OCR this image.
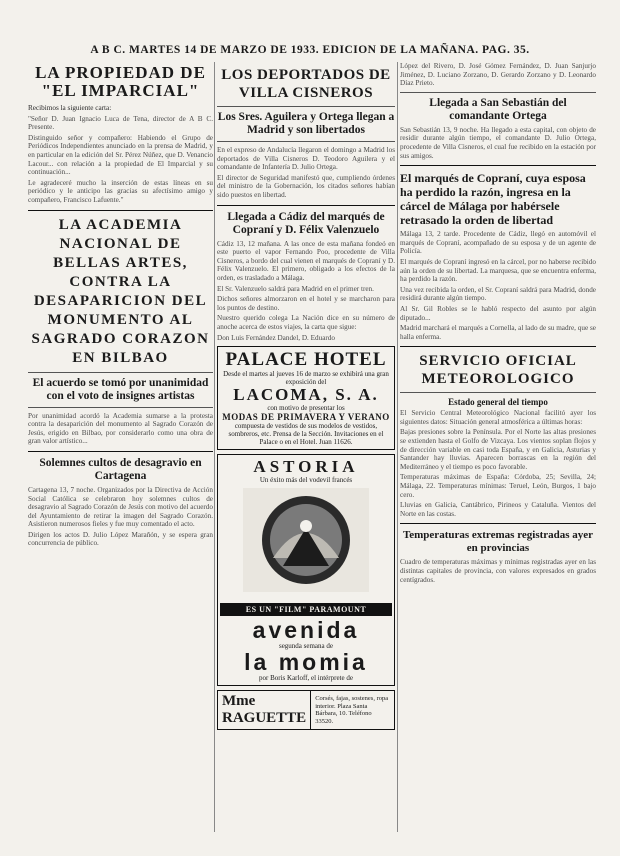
A B C. MARTES 14 DE MARZO DE 1933. EDICION DE LA MAÑANA. PAG. 35.
LA PROPIEDAD DE "EL IMPARCIAL"

Recibimos la siguiente carta:

"Señor D. Juan Ignacio Luca de Tena, director de A B C. Presente.

Distinguido señor y compañero: Habiendo el Grupo de Periódicos Independientes anunciado en la prensa de Madrid, y en particular en la edición del Sr. Pérez Núñez, que D. Venancio Lacour... con relación a la propiedad de El Imparcial y su continuación...

Le agradeceré mucho la inserción de estas líneas en su periódico y le anticipo las gracias su afectísimo amigo y compañero, Francisco Lafuente."

LA ACADEMIA NACIONAL DE BELLAS ARTES, CONTRA LA DESAPARICION DEL MONUMENTO AL SAGRADO CORAZON EN BILBAO
El acuerdo se tomó por unanimidad con el voto de insignes artistas

Por unanimidad acordó la Academia sumarse a la protesta contra la desaparición del monumento al Sagrado Corazón de Jesús, erigido en Bilbao, por considerarlo como una obra de gran valor artístico...

Solemnes cultos de desagravio en Cartagena

Cartagena 13, 7 noche. Organizados por la Directiva de Acción Social Católica se celebraron hoy solemnes cultos de desagravio al Sagrado Corazón de Jesús con motivo del acuerdo del Ayuntamiento de retirar la imagen del Sagrado Corazón. Asistieron numerosos fieles y fue muy comentado el acto.

Dirigen los actos D. Julio López Marañón, y se espera gran concurrencia de público.

LOS DEPORTADOS DE VILLA CISNEROS
Los Sres. Aguilera y Ortega llegan a Madrid y son libertados

En el expreso de Andalucía llegaron el domingo a Madrid los deportados de Villa Cisneros D. Teodoro Aguilera y el comandante de Infantería D. Julio Ortega.

El director de Seguridad manifestó que, cumpliendo órdenes del ministro de la Gobernación, los citados señores habían sido puestos en libertad.

Llegada a Cádiz del marqués de Copraní y D. Félix Valenzuelo

Cádiz 13, 12 mañana. A las once de esta mañana fondeó en este puerto el vapor Fernando Poo, procedente de Villa Cisneros, a bordo del cual vienen el marqués de Copraní y D. Félix Valenzuelo. El primero, obligado a los efectos de la orden, es trasladado a Málaga.

El Sr. Valenzuelo saldrá para Madrid en el primer tren.

Dichos señores almorzaron en el hotel y se marcharon para los puntos de destino.

Nuestro querido colega La Nación dice en su número de anoche acerca de estos viajes, la carta que sigue:

Don Luis Fernández Dandel, D. Eduardo

PALACE HOTEL
Desde el martes al jueves 16 de marzo se exhibirá una gran exposición del
LACOMA, S. A.
con motivo de presentar los
MODAS DE PRIMAVERA Y VERANO
compuesta de vestidos de sus modelos de vestidos, sombreros, etc. Prensa de la Sección. Invitaciones en el Palace o en el Hotel. Juan 11626.
ASTORIA
Un éxito más del vodevil francés
ES UN "FILM" PARAMOUNT
avenida
segunda semana de
la momia
por Boris Karloff, el intérprete de
Mme RAGUETTE
Corsés, fajas, sostenes, ropa interior. Plaza Santa Bárbara, 10. Teléfono 33520.

López del Rivero, D. José Gómez Fernández, D. Juan Sanjurjo Jiménez, D. Luciano Zorzano, D. Gerardo Zorzano y D. Leonardo Díaz Prieto.

Llegada a San Sebastián del comandante Ortega

San Sebastián 13, 9 noche. Ha llegado a esta capital, con objeto de residir durante algún tiempo, el comandante D. Julio Ortega, procedente de Villa Cisneros, el cual fue recibido en la estación por sus amigos.

El marqués de Copraní, cuya esposa ha perdido la razón, ingresa en la cárcel de Málaga por habérsele retrasado la orden de libertad

Málaga 13, 2 tarde. Procedente de Cádiz, llegó en automóvil el marqués de Copraní, acompañado de su esposa y de un agente de Policía.

El marqués de Copraní ingresó en la cárcel, por no haberse recibido aún la orden de su libertad. La marquesa, que se encuentra enferma, ha perdido la razón.

Una vez recibida la orden, el Sr. Copraní saldrá para Madrid, donde residirá durante algún tiempo.

Al Sr. Gil Robles se le habló respecto del asunto por algún diputado...

Madrid marchará el marqués a Cornella, al lado de su madre, que se halla enferma.

SERVICIO OFICIAL METEOROLOGICO
Estado general del tiempo

El Servicio Central Meteorológico Nacional facilitó ayer los siguientes datos: Situación general atmosférica a últimas horas:

Bajas presiones sobre la Península. Por el Norte las altas presiones se extienden hasta el Golfo de Vizcaya. Los vientos soplan flojos y de dirección variable en casi toda España, y en Galicia, Asturias y Santander hay lluvias. Aparecen borrascas en la región del Mediterráneo y el tiempo es poco favorable.

Temperaturas máximas de España: Córdoba, 25; Sevilla, 24; Málaga, 22. Temperaturas mínimas: Teruel, León, Burgos, 1 bajo cero.

Lluvias en Galicia, Cantábrico, Pirineos y Cataluña. Vientos del Norte en las costas.

Temperaturas extremas registradas ayer en provincias

Cuadro de temperaturas máximas y mínimas registradas ayer en las distintas capitales de provincia, con valores expresados en grados centígrados.
